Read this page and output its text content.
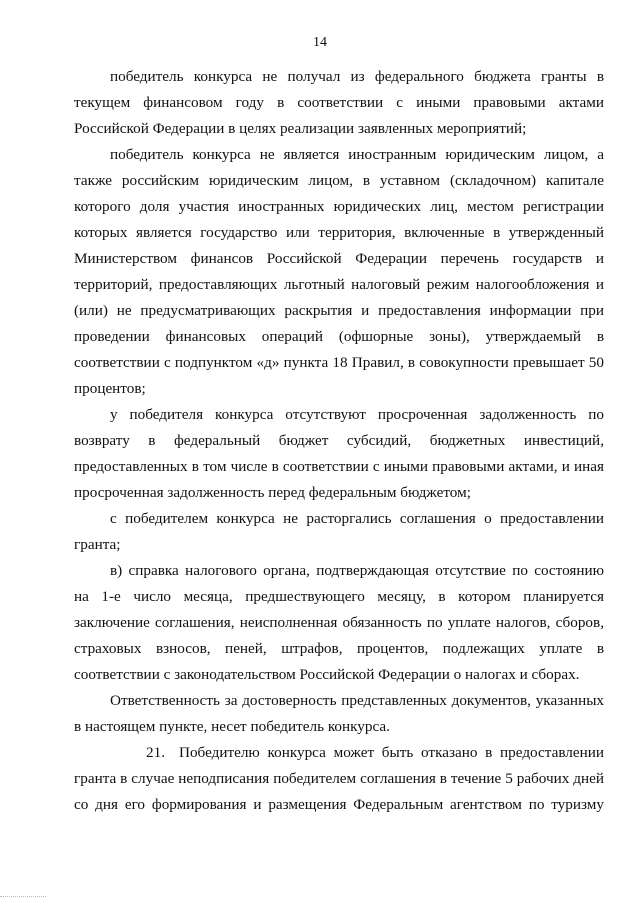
14

победитель конкурса не получал из федерального бюджета гранты в текущем финансовом году в соответствии с иными правовыми актами Российской Федерации в целях реализации заявленных мероприятий;

победитель конкурса не является иностранным юридическим лицом, а также российским юридическим лицом, в уставном (складочном) капитале которого доля участия иностранных юридических лиц, местом регистрации которых является государство или территория, включенные в утвержденный Министерством финансов Российской Федерации перечень государств и территорий, предоставляющих льготный налоговый режим налогообложения и (или) не предусматривающих раскрытия и предоставления информации при проведении финансовых операций (офшорные зоны), утверждаемый в соответствии с подпунктом «д» пункта 18 Правил, в совокупности превышает 50 процентов;

у победителя конкурса отсутствуют просроченная задолженность по возврату в федеральный бюджет субсидий, бюджетных инвестиций, предоставленных в том числе в соответствии с иными правовыми актами, и иная просроченная задолженность перед федеральным бюджетом;

с победителем конкурса не расторгались соглашения о предоставлении гранта;

в) справка налогового органа, подтверждающая отсутствие по состоянию на 1-е число месяца, предшествующего месяцу, в котором планируется заключение соглашения, неисполненная обязанность по уплате налогов, сборов, страховых взносов, пеней, штрафов, процентов, подлежащих уплате в соответствии с законодательством Российской Федерации о налогах и сборах.

Ответственность за достоверность представленных документов, указанных в настоящем пункте, несет победитель конкурса.

21. Победителю конкурса может быть отказано в предоставлении гранта в случае неподписания победителем соглашения в течение 5 рабочих дней со дня его формирования и размещения Федеральным агентством по туризму
